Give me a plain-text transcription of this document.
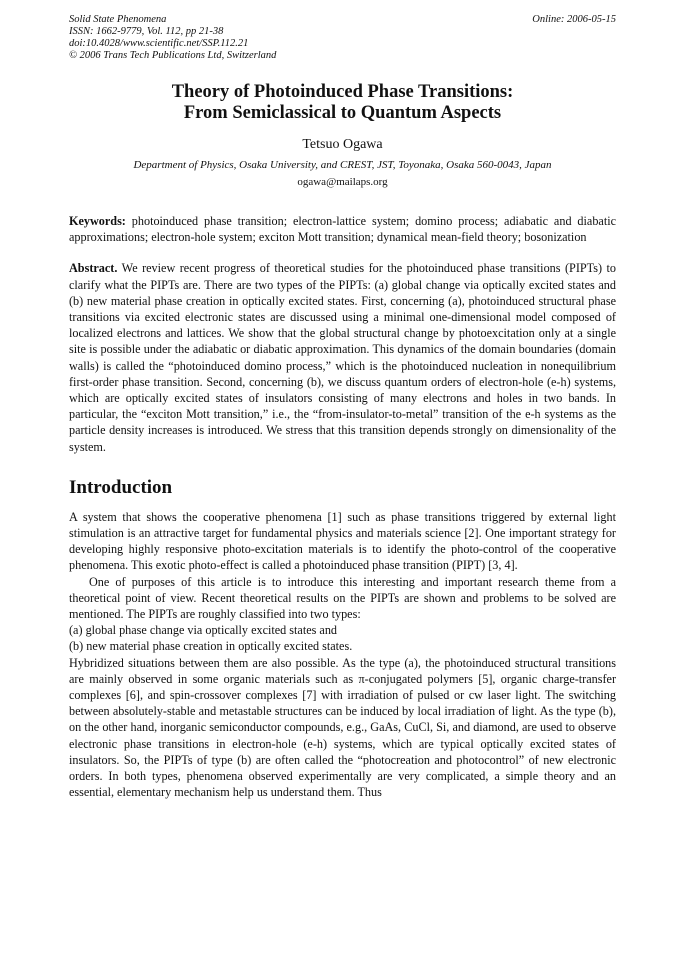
Solid State Phenomena
ISSN: 1662-9779, Vol. 112, pp 21-38
doi:10.4028/www.scientific.net/SSP.112.21
© 2006 Trans Tech Publications Ltd, Switzerland
Online: 2006-05-15
Theory of Photoinduced Phase Transitions:
From Semiclassical to Quantum Aspects
Tetsuo Ogawa
Department of Physics, Osaka University, and CREST, JST, Toyonaka, Osaka 560-0043, Japan
ogawa@mailaps.org
Keywords: photoinduced phase transition; electron-lattice system; domino process; adiabatic and diabatic approximations; electron-hole system; exciton Mott transition; dynamical mean-field theory; bosonization
Abstract. We review recent progress of theoretical studies for the photoinduced phase transitions (PIPTs) to clarify what the PIPTs are. There are two types of the PIPTs: (a) global change via optically excited states and (b) new material phase creation in optically excited states. First, concerning (a), photoinduced structural phase transitions via excited electronic states are discussed using a minimal one-dimensional model composed of localized electrons and lattices. We show that the global structural change by photoexcitation only at a single site is possible under the adiabatic or diabatic approximation. This dynamics of the domain boundaries (domain walls) is called the “photoinduced domino process,” which is the photoinduced nucleation in nonequilibrium first-order phase transition. Second, concerning (b), we discuss quantum orders of electron-hole (e-h) systems, which are optically excited states of insulators consisting of many electrons and holes in two bands. In particular, the “exciton Mott transition,” i.e., the “from-insulator-to-metal” transition of the e-h systems as the particle density increases is introduced. We stress that this transition depends strongly on dimensionality of the system.
Introduction

A system that shows the cooperative phenomena [1] such as phase transitions triggered by external light stimulation is an attractive target for fundamental physics and materials science [2]. One important strategy for developing highly responsive photo-excitation materials is to identify the photo-control of the cooperative phenomena. This exotic photo-effect is called a photoinduced phase transition (PIPT) [3, 4].

One of purposes of this article is to introduce this interesting and important research theme from a theoretical point of view. Recent theoretical results on the PIPTs are shown and problems to be solved are mentioned. The PIPTs are roughly classified into two types:

(a) global phase change via optically excited states and

(b) new material phase creation in optically excited states.

Hybridized situations between them are also possible. As the type (a), the photoinduced structural transitions are mainly observed in some organic materials such as π-conjugated polymers [5], organic charge-transfer complexes [6], and spin-crossover complexes [7] with irradiation of pulsed or cw laser light. The switching between absolutely-stable and metastable structures can be induced by local irradiation of light. As the type (b), on the other hand, inorganic semiconductor compounds, e.g., GaAs, CuCl, Si, and diamond, are used to observe electronic phase transitions in electron-hole (e-h) systems, which are typical optically excited states of insulators. So, the PIPTs of type (b) are often called the “photocreation and photocontrol” of new electronic orders. In both types, phenomena observed experimentally are very complicated, a simple theory and an essential, elementary mechanism help us understand them. Thus
